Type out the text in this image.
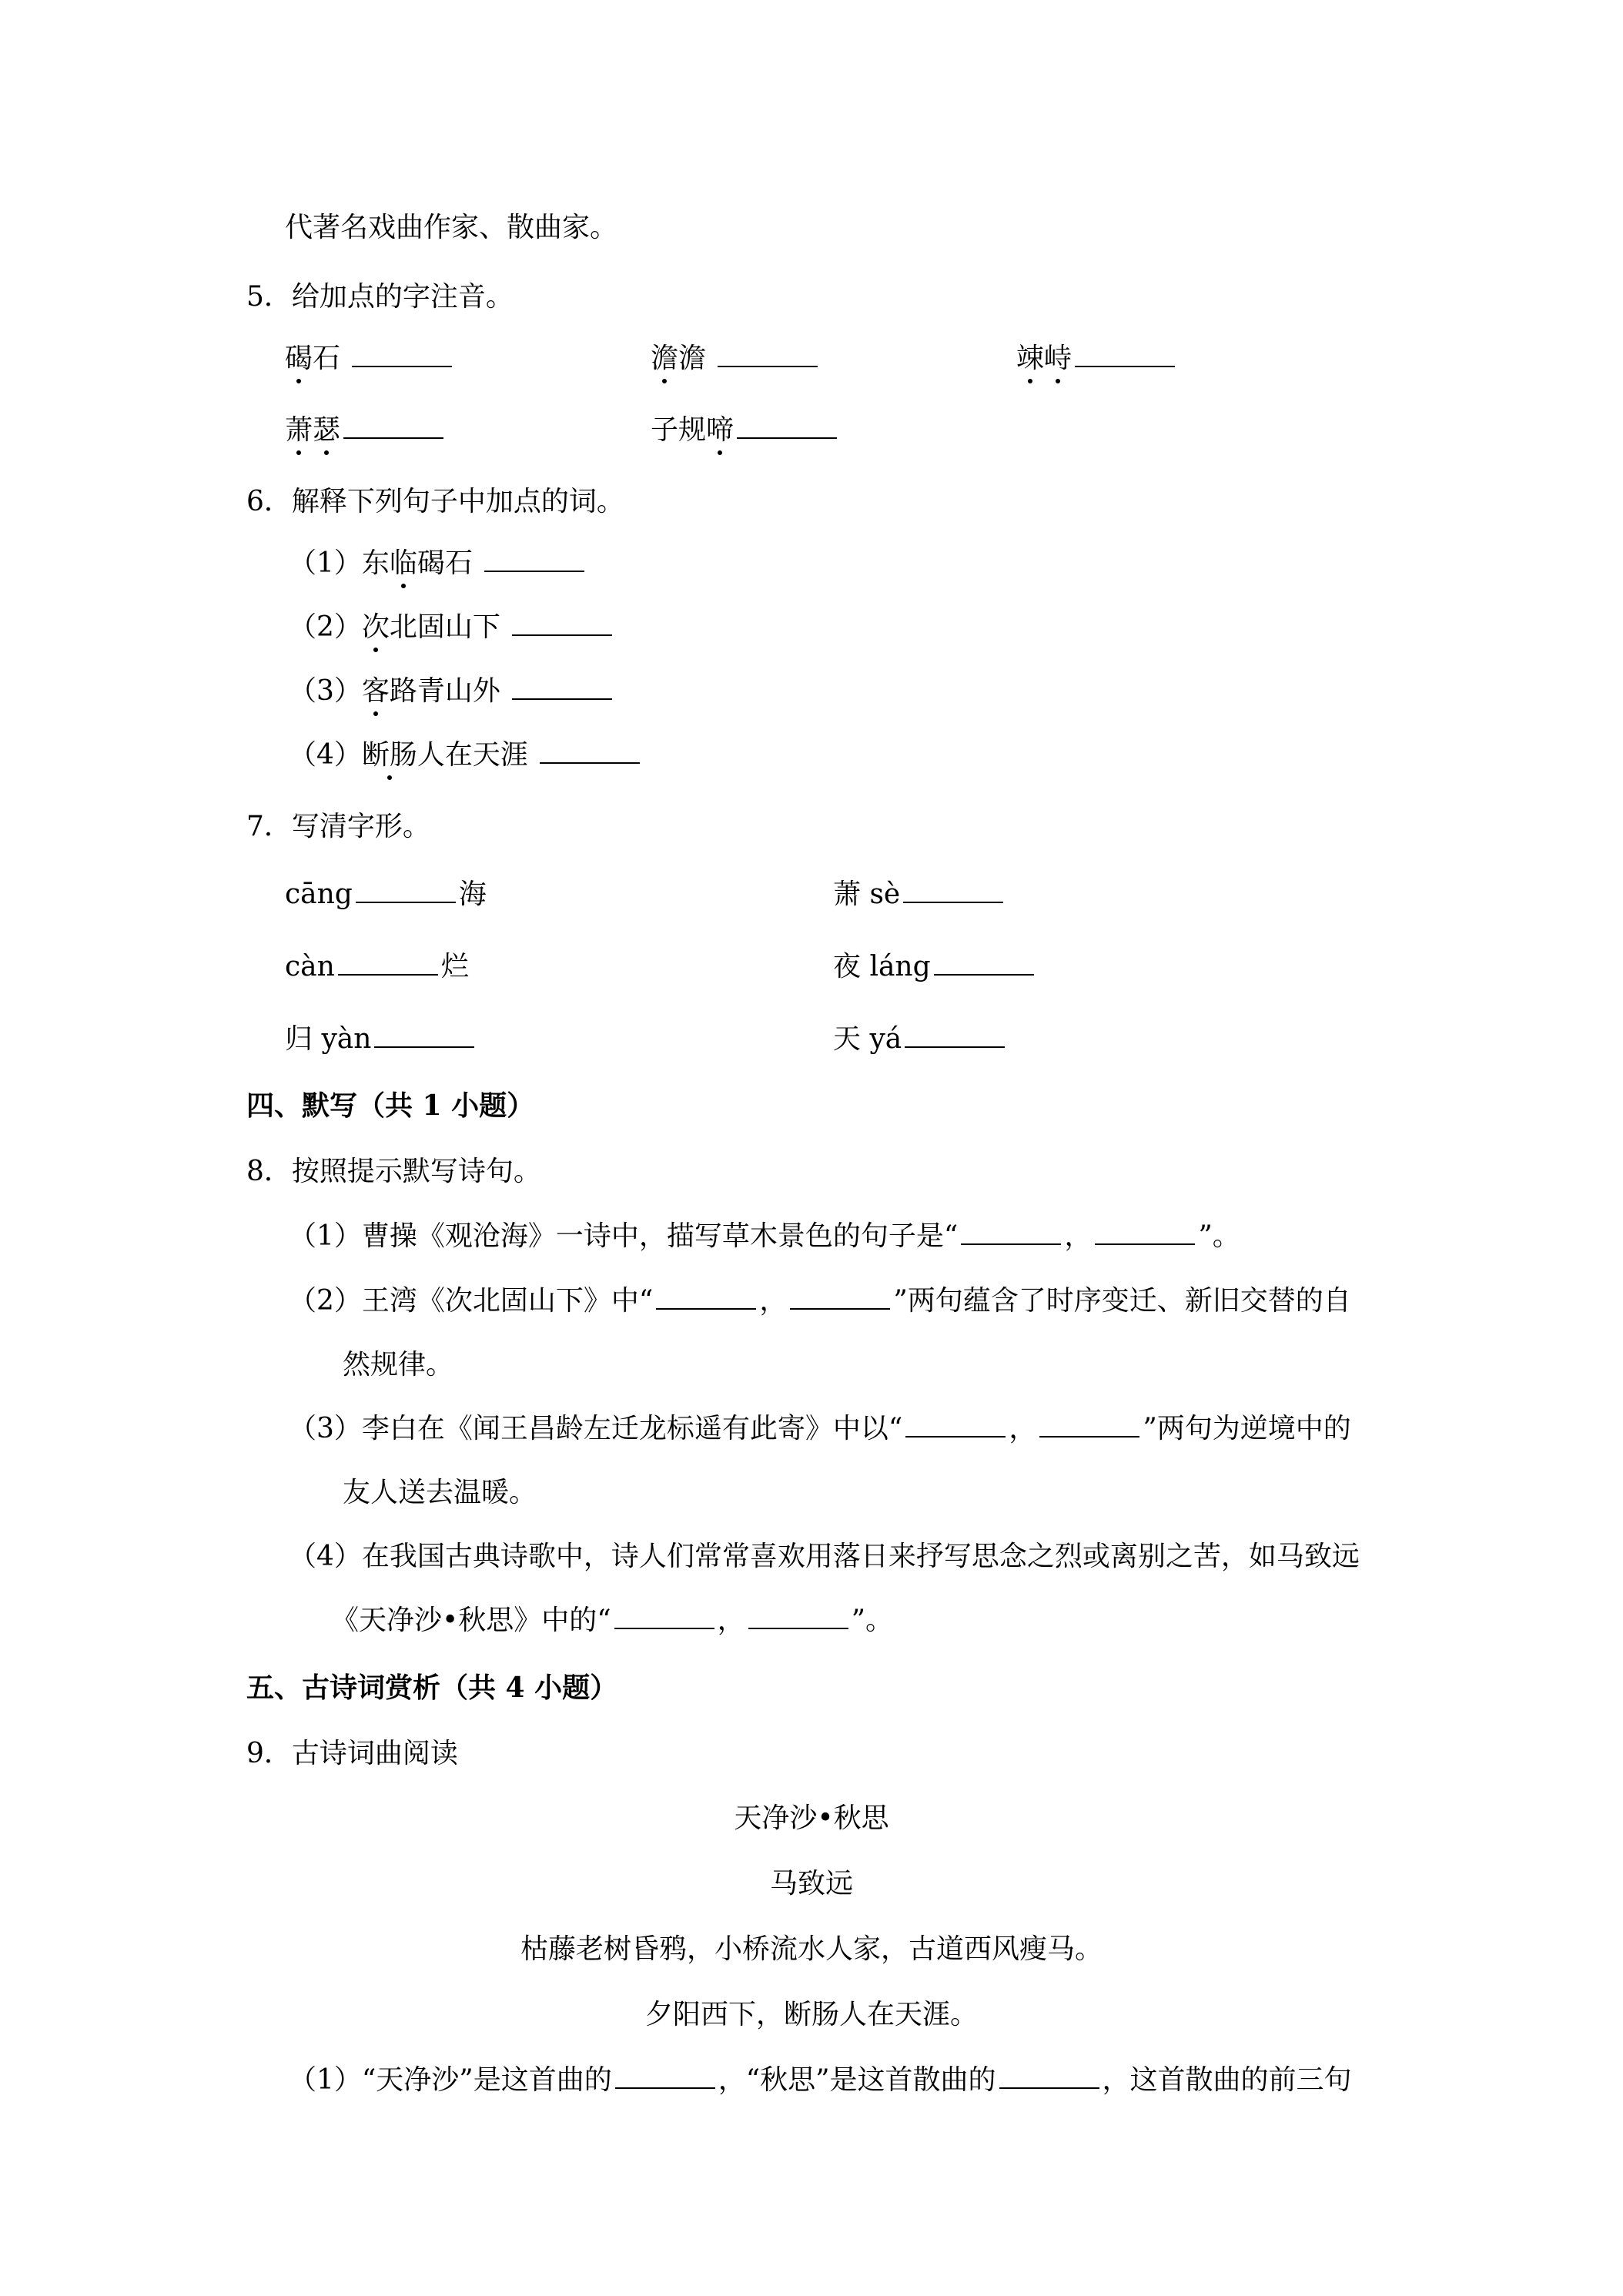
代著名戏曲作家、散曲家。
5．给加点的字注音。
碣石	澹澹	竦峙
萧瑟	子规啼
6．解释下列句子中加点的词。
（1）东临碣石
（2）次北固山下
（3）客路青山外
（4）断肠人在天涯
7．写清字形。
cāng	海	萧 sè
càn	烂	夜 láng
归 yàn	天 yá
四、默写（共 1 小题）
8．按照提示默写诗句。
（1）曹操《观沧海》一诗中，描写草木景色的句子是“	，	”。
（2）王湾《次北固山下》中“	，	”两句蕴含了时序变迁、新旧交替的自
然规律。
（3）李白在《闻王昌龄左迁龙标遥有此寄》中以“	，	”两句为逆境中的
友人送去温暖。
（4）在我国古典诗歌中，诗人们常常喜欢用落日来抒写思念之烈或离别之苦，如马致远
《天净沙•秋思》中的“	，	”。
五、古诗词赏析（共 4 小题）
9．古诗词曲阅读
天净沙•秋思
马致远
枯藤老树昏鸦，小桥流水人家，古道西风瘦马。
夕阳西下，断肠人在天涯。
（1）“天净沙”是这首曲的	，“秋思”是这首散曲的	，这首散曲的前三句
